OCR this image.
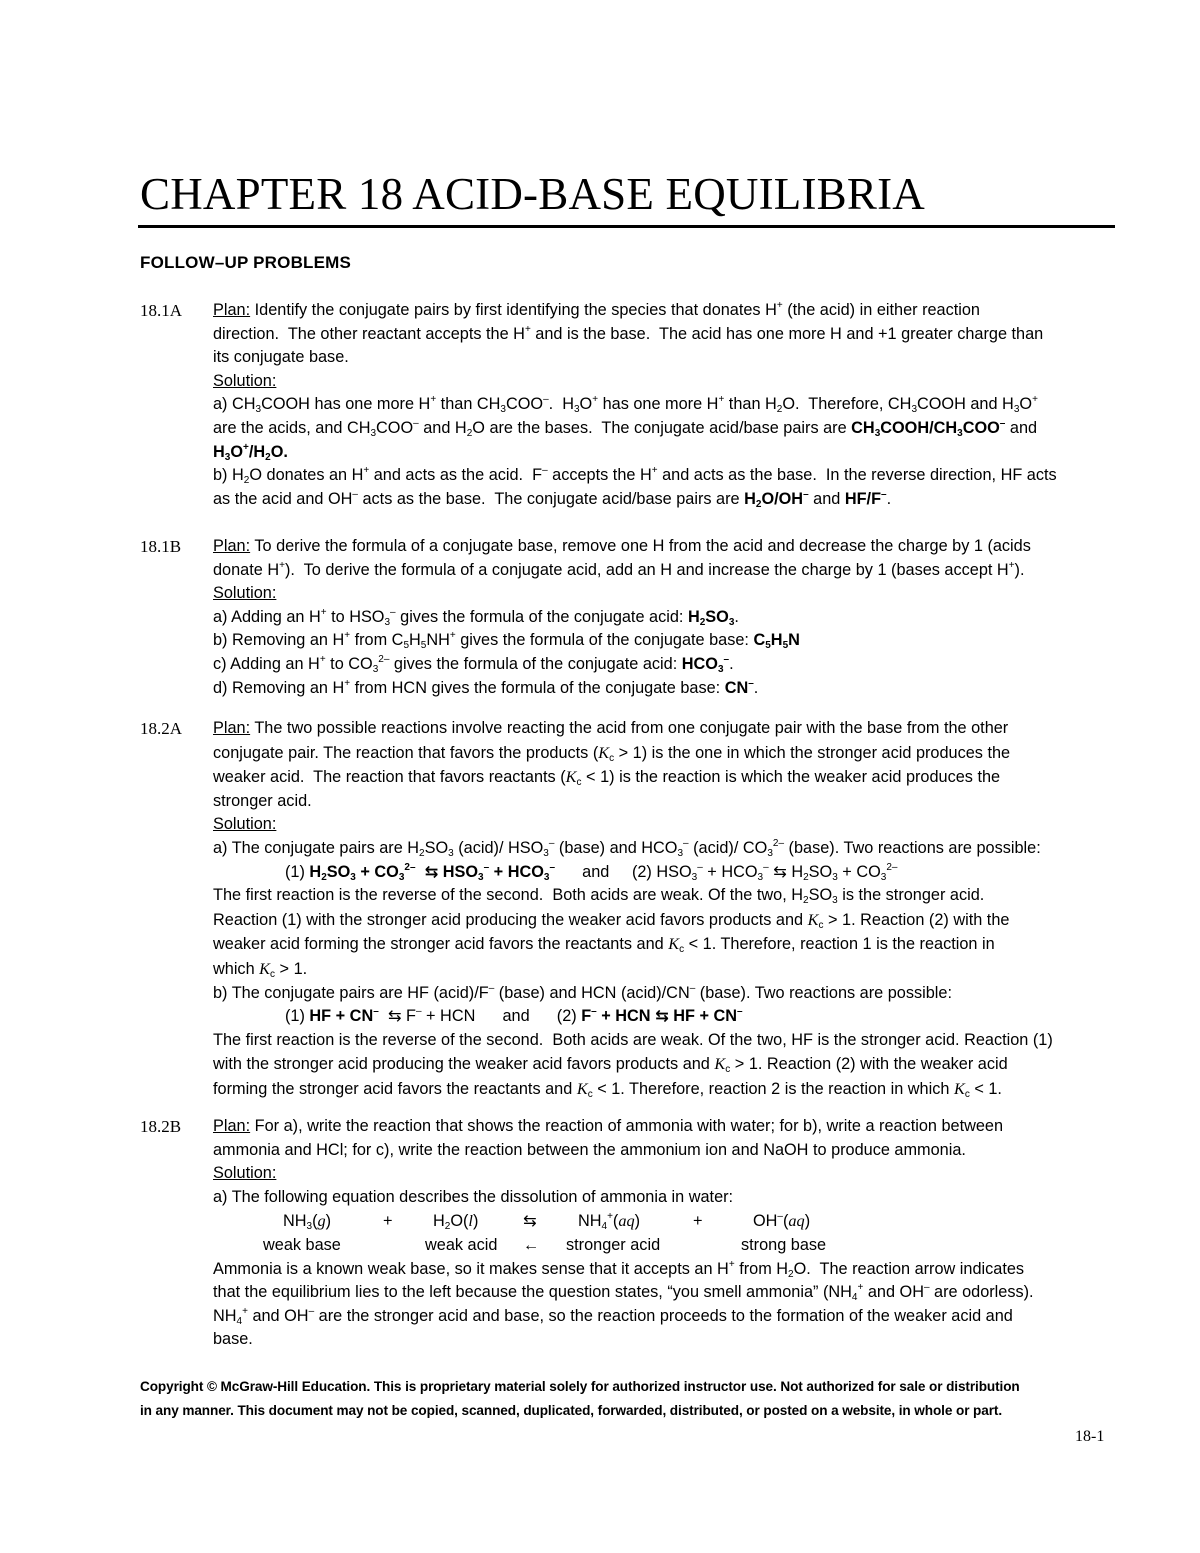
CHAPTER 18 ACID-BASE EQUILIBRIA
FOLLOW–UP PROBLEMS
18.1A	Plan: Identify the conjugate pairs by first identifying the species that donates H+ (the acid) in either reaction
direction.  The other reactant accepts the H+ and is the base.  The acid has one more H and +1 greater charge than
its conjugate base.
Solution:
a) $CH_3COOH$ has one more H+ than $CH_3COO^-$.  $H_3O^+$ has one more H+ than $H_2O$.  Therefore, $CH_3COOH$ and $H_3O^+$
are the acids, and $CH_3COO^-$ and $H_2O$ are the bases.  The conjugate acid/base pairs are $CH_3COOH/CH_3COO^-$ and
$H_3O^+/H_2O$.
b) $H_2O$ donates an H+ and acts as the acid.  F– accepts the H+ and acts as the base.  In the reverse direction, HF acts
as the acid and OH– acts as the base.  The conjugate acid/base pairs are $H_2O/OH^-$ and HF/F–.
18.1B	Plan: To derive the formula of a conjugate base, remove one H from the acid and decrease the charge by 1 (acids
donate H+).  To derive the formula of a conjugate acid, add an H and increase the charge by 1 (bases accept H+).
Solution:
a) Adding an H+ to $HSO_3^-$ gives the formula of the conjugate acid: $H_2SO_3$.
b) Removing an H+ from $C_5H_5NH^+$ gives the formula of the conjugate base: $C_5H_5N$
c) Adding an H+ to $CO_3^{2-}$ gives the formula of the conjugate acid: $HCO_3^-$.
d) Removing an H+ from HCN gives the formula of the conjugate base: CN–.
18.2A	Plan: The two possible reactions involve reacting the acid from one conjugate pair with the base from the other
conjugate pair. The reaction that favors the products $(K_c > 1)$ is the one in which the stronger acid produces the
weaker acid.  The reaction that favors reactants $(K_c < 1)$ is the reaction is which the weaker acid produces the
stronger acid.
Solution:
a) The conjugate pairs are $H_2SO_3$ (acid)/ $HSO_3^-$ (base) and $HCO_3^-$ (acid)/ $CO_3^{2-}$ (base). Two reactions are possible:
(1) $H_2SO_3 + CO_3^{2-}$  ⇆ $HSO_3^- + HCO_3^-$      and     (2) $HSO_3^- + HCO_3^-$ ⇆ $H_2SO_3 + CO_3^{2-}$
The first reaction is the reverse of the second.  Both acids are weak. Of the two, $H_2SO_3$ is the stronger acid.
Reaction (1) with the stronger acid producing the weaker acid favors products and $K_c > 1$. Reaction (2) with the
weaker acid forming the stronger acid favors the reactants and $K_c < 1$. Therefore, reaction 1 is the reaction in
which $K_c > 1$.
b) The conjugate pairs are HF (acid)/F– (base) and HCN (acid)/CN– (base). Two reactions are possible:
(1) HF + CN–  ⇆ F– + HCN      and      (2) F– + HCN ⇆ HF + CN–
The first reaction is the reverse of the second.  Both acids are weak. Of the two, HF is the stronger acid. Reaction (1)
with the stronger acid producing the weaker acid favors products and $K_c > 1$. Reaction (2) with the weaker acid
forming the stronger acid favors the reactants and $K_c < 1$. Therefore, reaction 2 is the reaction in which $K_c < 1$.
18.2B	Plan: For a), write the reaction that shows the reaction of ammonia with water; for b), write a reaction between
ammonia and HCl; for c), write the reaction between the ammonium ion and NaOH to produce ammonia.
Solution:
a) The following equation describes the dissolution of ammonia in water:
$NH_3(g)$	+ $H_2O(l)$	⇆	$NH_4^+(aq)$	+	OH–(aq)
weak base	weak acid ← stronger acid	strong base
Ammonia is a known weak base, so it makes sense that it accepts an H+ from $H_2O$.  The reaction arrow indicates
that the equilibrium lies to the left because the question states, “you smell ammonia” ($NH_4^+$ and OH– are odorless).
$NH_4^+$ and OH– are the stronger acid and base, so the reaction proceeds to the formation of the weaker acid and
base.
Copyright © McGraw-Hill Education. This is proprietary material solely for authorized instructor use. Not authorized for sale or distribution
in any manner. This document may not be copied, scanned, duplicated, forwarded, distributed, or posted on a website, in whole or part.
18-1
